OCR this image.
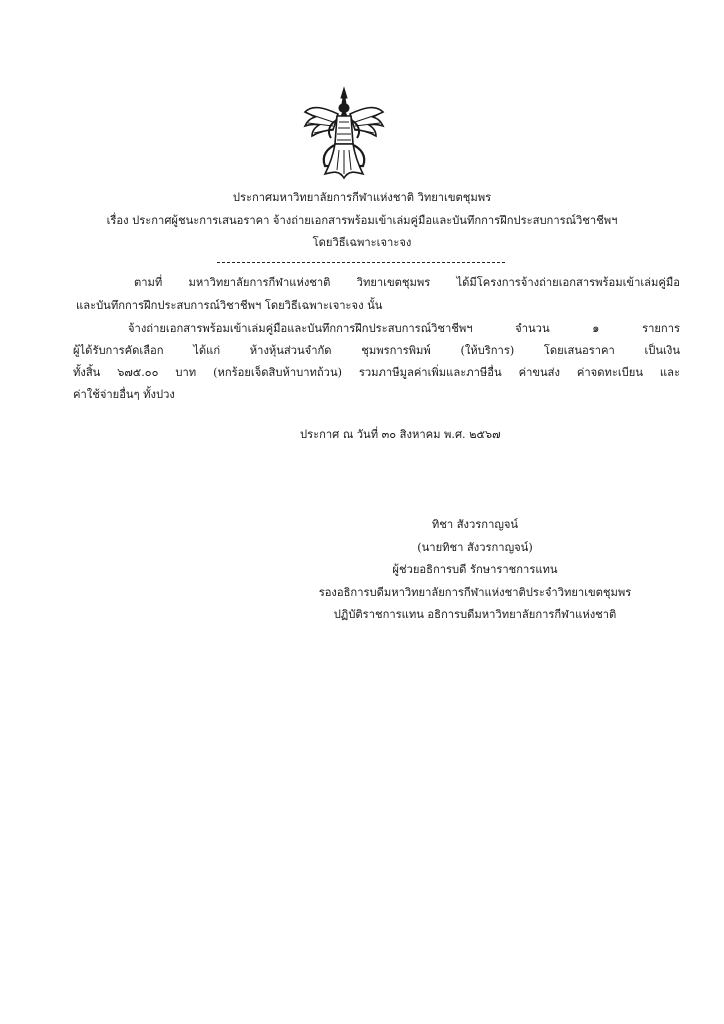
ประกาศมหาวิทยาลัยการกีฬาแห่งชาติ วิทยาเขตชุมพร
เรื่อง ประกาศผู้ชนะการเสนอราคา จ้างถ่ายเอกสารพร้อมเข้าเล่มคู่มือและบันทึกการฝึกประสบการณ์วิชาชีพฯ
โดยวิธีเฉพาะเจาะจง
ตามที่ มหาวิทยาลัยการกีฬาแห่งชาติ วิทยาเขตชุมพร ได้มีโครงการจ้างถ่ายเอกสารพร้อมเข้าเล่มคู่มือ
และบันทึกการฝึกประสบการณ์วิชาชีพฯ โดยวิธีเฉพาะเจาะจง นั้น
จ้างถ่ายเอกสารพร้อมเข้าเล่มคู่มือและบันทึกการฝึกประสบการณ์วิชาชีพฯ จำนวน ๑ รายการ
ผู้ได้รับการคัดเลือก ได้แก่ ห้างหุ้นส่วนจำกัด ชุมพรการพิมพ์ (ให้บริการ) โดยเสนอราคา เป็นเงิน
ทั้งสิ้น ๖๗๕.๐๐ บาท (หกร้อยเจ็ดสิบห้าบาทถ้วน) รวมภาษีมูลค่าเพิ่มและภาษีอื่น ค่าขนส่ง ค่าจดทะเบียน และ
ค่าใช้จ่ายอื่นๆ ทั้งปวง
ประกาศ ณ วันที่ ๓๐ สิงหาคม พ.ศ. ๒๕๖๗
ทิชา สังวรกาญจน์
(นายทิชา สังวรกาญจน์)
ผู้ช่วยอธิการบดี รักษาราชการแทน
รองอธิการบดีมหาวิทยาลัยการกีฬาแห่งชาติประจำวิทยาเขตชุมพร
ปฏิบัติราชการแทน อธิการบดีมหาวิทยาลัยการกีฬาแห่งชาติ
